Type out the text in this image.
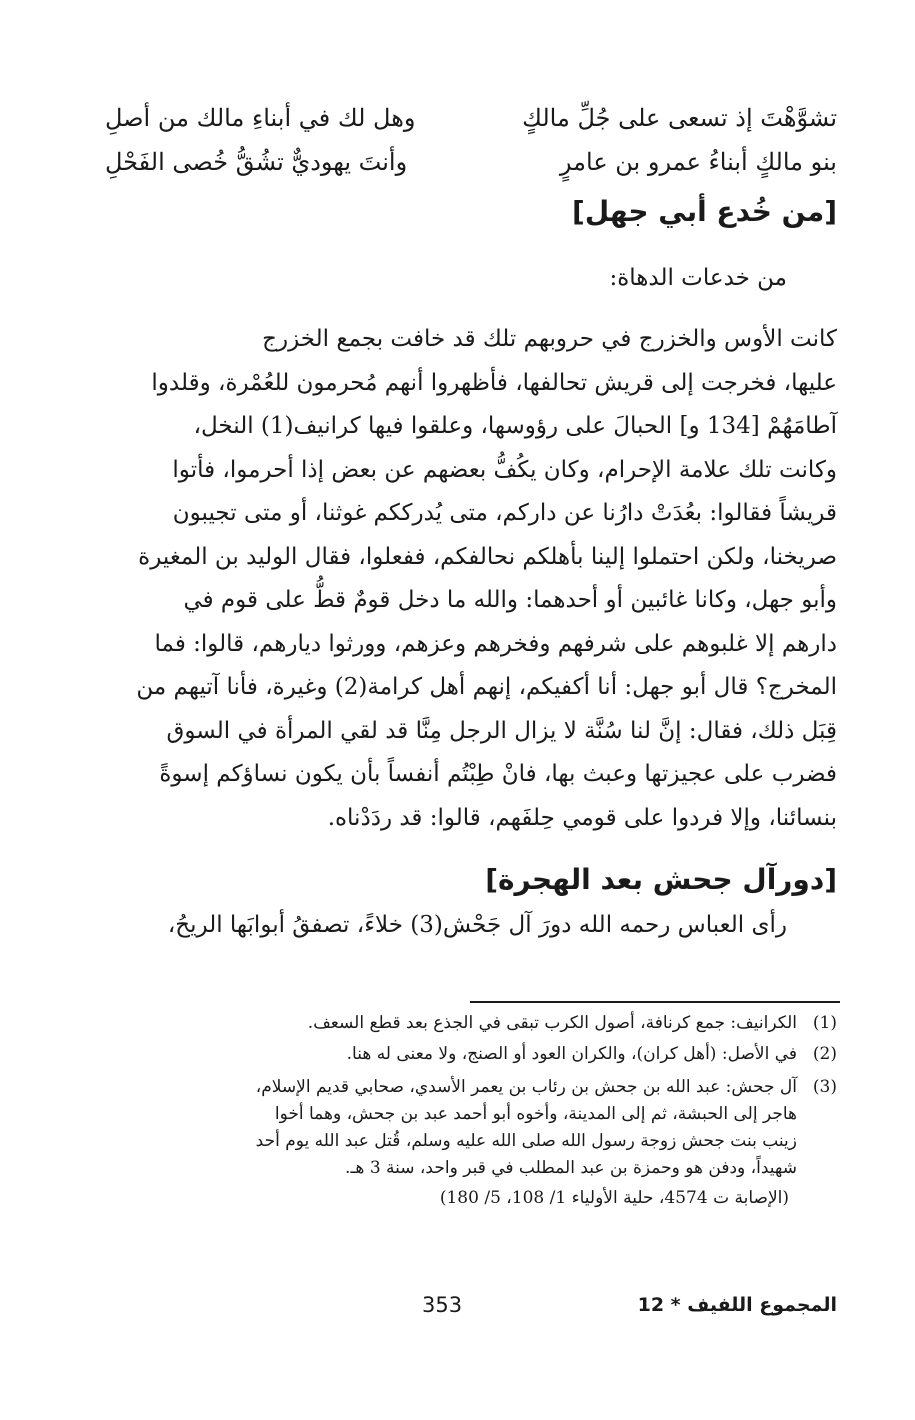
تشوَّهْتَ إذ تسعى على جُلِّ مالكٍ
وهل لك في أبناءِ مالك من أصلِ
بنو مالكٍ أبناءُ عمرو بن عامرٍ
وأنتَ يهوديٌّ تشُقُّ خُصى الفَحْلِ
[من خُدع أبي جهل]
من خدعات الدهاة:
كانت الأوس والخزرج في حروبهم تلك قد خافت بجمع الخزرج
عليها، فخرجت إلى قريش تحالفها، فأظهروا أنهم مُحرمون للعُمْرة، وقلدوا
آطامَهُمْ [134 و] الحبالَ على رؤوسها، وعلقوا فيها كرانيف(1) النخل،
وكانت تلك علامة الإحرام، وكان يكُفُّ بعضهم عن بعض إذا أحرموا، فأتوا
قريشاً فقالوا: بعُدَتْ دارُنا عن داركم، متى يُدرككم غوثنا، أو متى تجيبون
صريخنا، ولكن احتملوا إلينا بأهلكم نحالفكم، ففعلوا، فقال الوليد بن المغيرة
وأبو جهل، وكانا غائبين أو أحدهما: والله ما دخل قومٌ قطُّ على قوم في
دارهم إلا غلبوهم على شرفهم وفخرهم وعزهم، وورثوا ديارهم، قالوا: فما
المخرج؟ قال أبو جهل: أنا أكفيكم، إنهم أهل كرامة(2) وغيرة، فأنا آتيهم من
قِبَل ذلك، فقال: إنَّ لنا سُنَّة لا يزال الرجل مِنَّا قد لقي المرأة في السوق
فضرب على عجيزتها وعبث بها، فانْ طِبْتُم أنفساً بأن يكون نساؤكم إسوةً
بنسائنا، وإلا فردوا على قومي حِلفَهم، قالوا: قد ردَدْناه.
[دورآل جحش بعد الهجرة]
رأى العباس رحمه الله دورَ آل جَحْش(3) خلاءً، تصفقُ أبوابَها الريحُ،
(1)
الكرانيف: جمع كرنافة، أصول الكرب تبقى في الجذع بعد قطع السعف.
(2)
في الأصل: (أهل كران)، والكران العود أو الصنج، ولا معنى له هنا.
(3)
آل جحش: عبد الله بن جحش بن رئاب بن يعمر الأسدي، صحابي قديم الإسلام،
هاجر إلى الحبشة، ثم إلى المدينة، وأخوه أبو أحمد عبد بن جحش، وهما أخوا
زينب بنت جحش زوجة رسول الله صلى الله عليه وسلم، قُتل عبد الله يوم أحد
شهيداً، ودفن هو وحمزة بن عبد المطلب في قبر واحد، سنة 3 هـ.
(الإصابة ت 4574، حلية الأولياء 1/ 108، 5/ 180)
المجموع اللفيف * 12
353
